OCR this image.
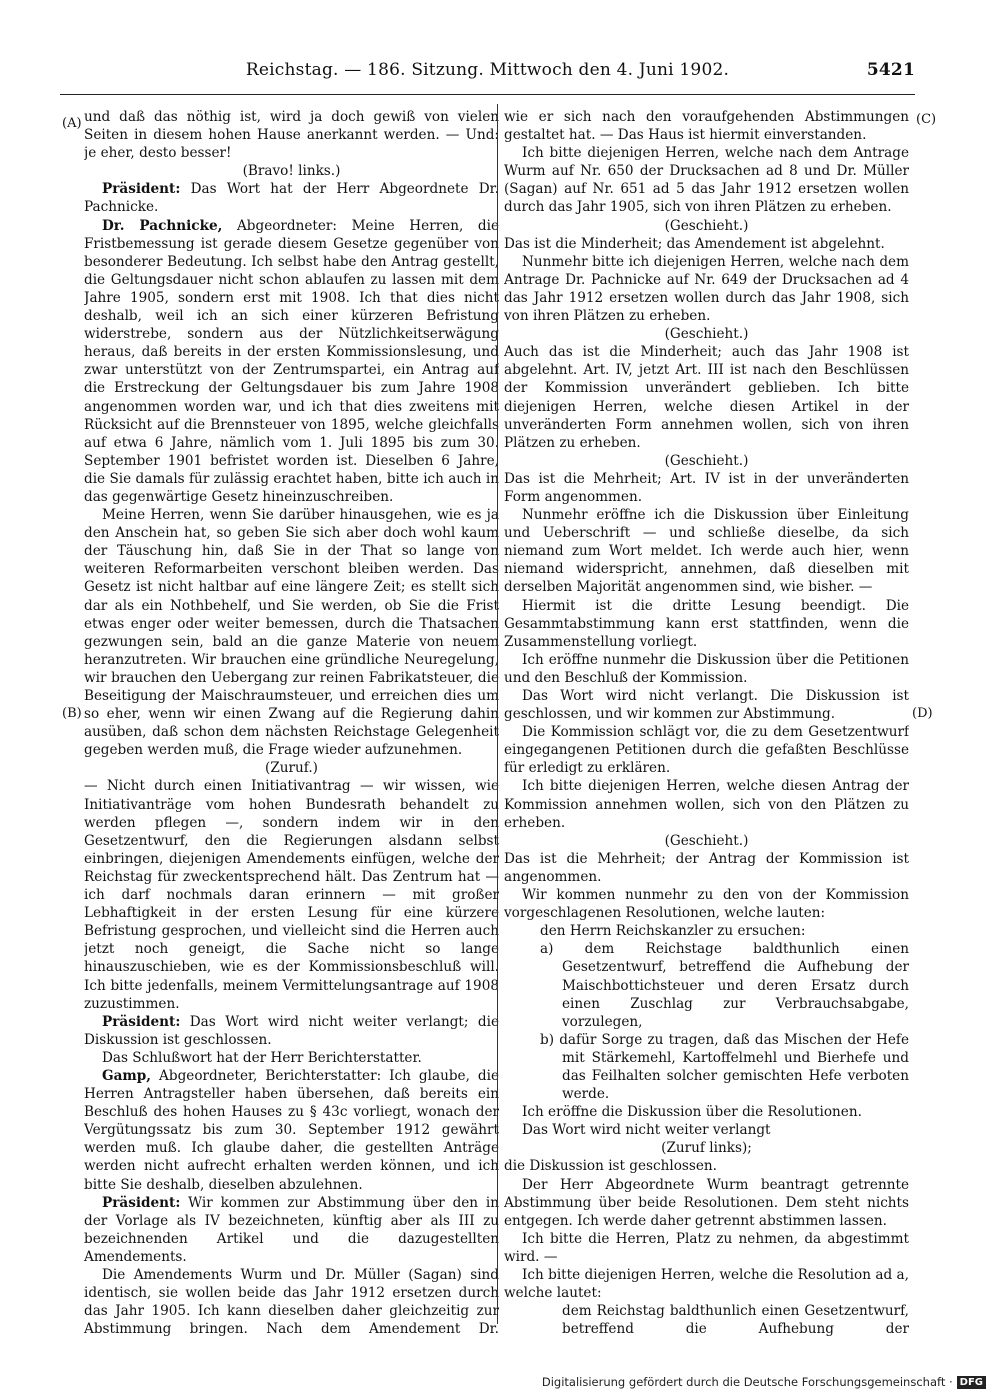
Reichstag. — 186. Sitzung. Mittwoch den 4. Juni 1902.	5421
(A)
(B)
(C)
(D)

und daß das nöthig ist, wird ja doch gewiß von vielen Seiten in diesem hohen Hause anerkannt werden. — Und: je eher, desto besser!

(Bravo! links.)

Präsident: Das Wort hat der Herr Abgeordnete Dr. Pachnicke.

Dr. Pachnicke, Abgeordneter: Meine Herren, die Fristbemessung ist gerade diesem Gesetze gegenüber von besonderer Bedeutung. Ich selbst habe den Antrag gestellt, die Geltungsdauer nicht schon ablaufen zu lassen mit dem Jahre 1905, sondern erst mit 1908. Ich that dies nicht deshalb, weil ich an sich einer kürzeren Befristung widerstrebe, sondern aus der Nützlichkeitserwägung heraus, daß bereits in der ersten Kommissionslesung, und zwar unterstützt von der Zentrumspartei, ein Antrag auf die Erstreckung der Geltungsdauer bis zum Jahre 1908 angenommen worden war, und ich that dies zweitens mit Rücksicht auf die Brennsteuer von 1895, welche gleichfalls auf etwa 6 Jahre, nämlich vom 1. Juli 1895 bis zum 30. September 1901 befristet worden ist. Dieselben 6 Jahre, die Sie damals für zulässig erachtet haben, bitte ich auch in das gegenwärtige Gesetz hineinzuschreiben.

Meine Herren, wenn Sie darüber hinausgehen, wie es ja den Anschein hat, so geben Sie sich aber doch wohl kaum der Täuschung hin, daß Sie in der That so lange von weiteren Reformarbeiten verschont bleiben werden. Das Gesetz ist nicht haltbar auf eine längere Zeit; es stellt sich dar als ein Nothbehelf, und Sie werden, ob Sie die Frist etwas enger oder weiter bemessen, durch die Thatsachen gezwungen sein, bald an die ganze Materie von neuem heranzutreten. Wir brauchen eine gründliche Neuregelung, wir brauchen den Uebergang zur reinen Fabrikatsteuer, die Beseitigung der Maischraumsteuer, und erreichen dies um so eher, wenn wir einen Zwang auf die Regierung dahin ausüben, daß schon dem nächsten Reichstage Gelegenheit gegeben werden muß, die Frage wieder aufzunehmen.

(Zuruf.)

— Nicht durch einen Initiativantrag — wir wissen, wie Initiativanträge vom hohen Bundesrath behandelt zu werden pflegen —, sondern indem wir in den Gesetzentwurf, den die Regierungen alsdann selbst einbringen, diejenigen Amendements einfügen, welche der Reichstag für zweckentsprechend hält. Das Zentrum hat — ich darf nochmals daran erinnern — mit großer Lebhaftigkeit in der ersten Lesung für eine kürzere Befristung gesprochen, und vielleicht sind die Herren auch jetzt noch geneigt, die Sache nicht so lange hinauszuschieben, wie es der Kommissionsbeschluß will. Ich bitte jedenfalls, meinem Vermittelungsantrage auf 1908 zuzustimmen.

Präsident: Das Wort wird nicht weiter verlangt; die Diskussion ist geschlossen.

Das Schlußwort hat der Herr Berichterstatter.

Gamp, Abgeordneter, Berichterstatter: Ich glaube, die Herren Antragsteller haben übersehen, daß bereits ein Beschluß des hohen Hauses zu § 43c vorliegt, wonach der Vergütungssatz bis zum 30. September 1912 gewährt werden muß. Ich glaube daher, die gestellten Anträge werden nicht aufrecht erhalten werden können, und ich bitte Sie deshalb, dieselben abzulehnen.

Präsident: Wir kommen zur Abstimmung über den in der Vorlage als IV bezeichneten, künftig aber als III zu bezeichnenden Artikel und die dazugestellten Amendements.

Die Amendements Wurm und Dr. Müller (Sagan) sind identisch, sie wollen beide das Jahr 1912 ersetzen durch das Jahr 1905. Ich kann dieselben daher gleichzeitig zur Abstimmung bringen. Nach dem Amendement Dr.

wie er sich nach den voraufgehenden Abstimmungen gestaltet hat. — Das Haus ist hiermit einverstanden.

Ich bitte diejenigen Herren, welche nach dem Antrage Wurm auf Nr. 650 der Drucksachen ad 8 und Dr. Müller (Sagan) auf Nr. 651 ad 5 das Jahr 1912 ersetzen wollen durch das Jahr 1905, sich von ihren Plätzen zu erheben.

(Geschieht.)

Das ist die Minderheit; das Amendement ist abgelehnt.

Nunmehr bitte ich diejenigen Herren, welche nach dem Antrage Dr. Pachnicke auf Nr. 649 der Drucksachen ad 4 das Jahr 1912 ersetzen wollen durch das Jahr 1908, sich von ihren Plätzen zu erheben.

(Geschieht.)

Auch das ist die Minderheit; auch das Jahr 1908 ist abgelehnt. Art. IV, jetzt Art. III ist nach den Beschlüssen der Kommission unverändert geblieben. Ich bitte diejenigen Herren, welche diesen Artikel in der unveränderten Form annehmen wollen, sich von ihren Plätzen zu erheben.

(Geschieht.)

Das ist die Mehrheit; Art. IV ist in der unveränderten Form angenommen.

Nunmehr eröffne ich die Diskussion über Einleitung und Ueberschrift — und schließe dieselbe, da sich niemand zum Wort meldet. Ich werde auch hier, wenn niemand widerspricht, annehmen, daß dieselben mit derselben Majorität angenommen sind, wie bisher. —

Hiermit ist die dritte Lesung beendigt. Die Gesammtabstimmung kann erst stattfinden, wenn die Zusammenstellung vorliegt.

Ich eröffne nunmehr die Diskussion über die Petitionen und den Beschluß der Kommission.

Das Wort wird nicht verlangt. Die Diskussion ist geschlossen, und wir kommen zur Abstimmung.

Die Kommission schlägt vor, die zu dem Gesetzentwurf eingegangenen Petitionen durch die gefaßten Beschlüsse für erledigt zu erklären.

Ich bitte diejenigen Herren, welche diesen Antrag der Kommission annehmen wollen, sich von den Plätzen zu erheben.

(Geschieht.)

Das ist die Mehrheit; der Antrag der Kommission ist angenommen.

Wir kommen nunmehr zu den von der Kommission vorgeschlagenen Resolutionen, welche lauten:

den Herrn Reichskanzler zu ersuchen:

a) dem Reichstage baldthunlich einen Gesetzentwurf, betreffend die Aufhebung der Maischbottichsteuer und deren Ersatz durch einen Zuschlag zur Verbrauchsabgabe, vorzulegen,

b) dafür Sorge zu tragen, daß das Mischen der Hefe mit Stärkemehl, Kartoffelmehl und Bierhefe und das Feilhalten solcher gemischten Hefe verboten werde.

Ich eröffne die Diskussion über die Resolutionen.

Das Wort wird nicht weiter verlangt

(Zuruf links);

die Diskussion ist geschlossen.

Der Herr Abgeordnete Wurm beantragt getrennte Abstimmung über beide Resolutionen. Dem steht nichts entgegen. Ich werde daher getrennt abstimmen lassen.

Ich bitte die Herren, Platz zu nehmen, da abgestimmt wird. —

Ich bitte diejenigen Herren, welche die Resolution ad a, welche lautet:

dem Reichstag baldthunlich einen Gesetzentwurf, betreffend die Aufhebung der

Digitalisierung gefördert durch die Deutsche Forschungsgemeinschaft · DFG
